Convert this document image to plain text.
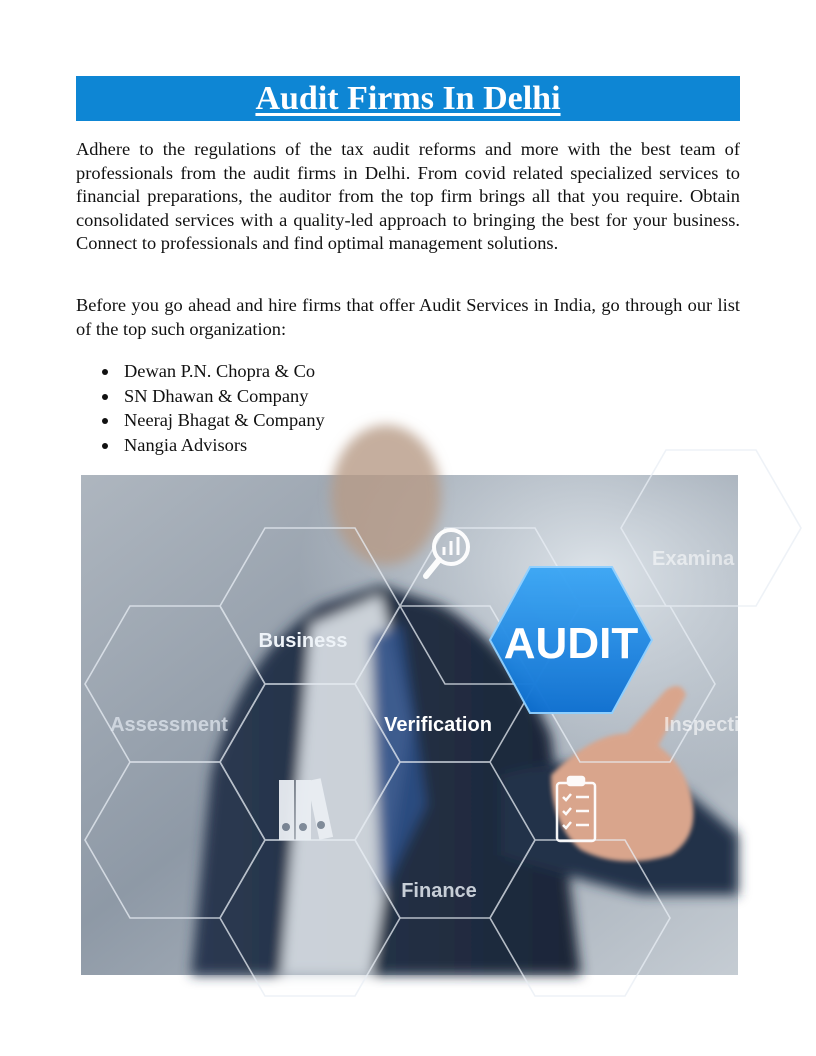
Audit Firms In Delhi

Adhere to the regulations of the tax audit reforms and more with the best team of professionals from the audit firms in Delhi. From covid related specialized services to financial preparations, the auditor from the top firm brings all that you require. Obtain consolidated services with a quality-led approach to bringing the best for your business. Connect to professionals and find optimal management solutions.

Before you go ahead and hire firms that offer Audit Services in India, go through our list of the top such organization:

Dewan P.N. Chopra & Co
SN Dhawan & Company
Neeraj Bhagat & Company
Nangia Advisors
AUDIT
Business
Verification
Assessment
Finance
Examina
Inspectio
